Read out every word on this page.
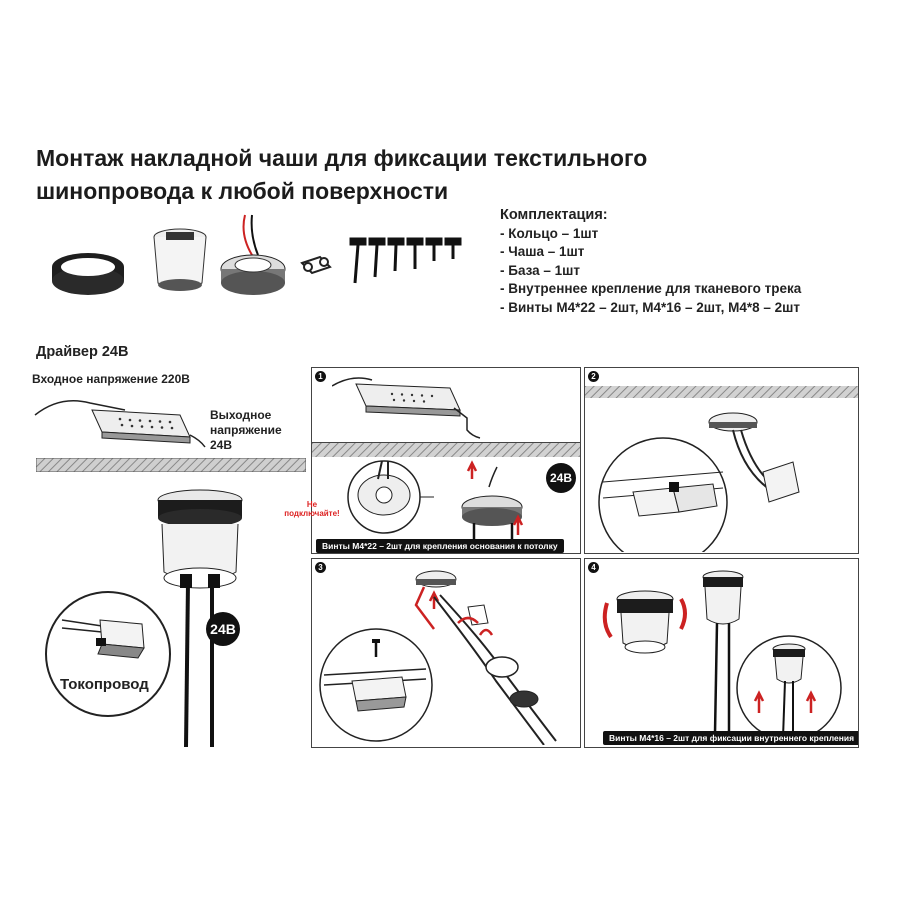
Монтаж накладной чаши для фиксации текстильного
шинопровода к любой поверхности
Комплектация:
- Кольцо – 1шт
- Чаша – 1шт
- База – 1шт
- Внутреннее крепление для тканевого трека
- Винты М4*22 – 2шт, М4*16 – 2шт, М4*8 – 2шт
Драйвер 24В
Входное напряжение 220В
Выходное
напряжение
24В
24В
Токопровод
1
24В
Винты М4*22 – 2шт для крепления основания к потолку
Не
подключайте!
2
3	4
Винты М4*16 – 2шт для фиксации внутреннего крепления
